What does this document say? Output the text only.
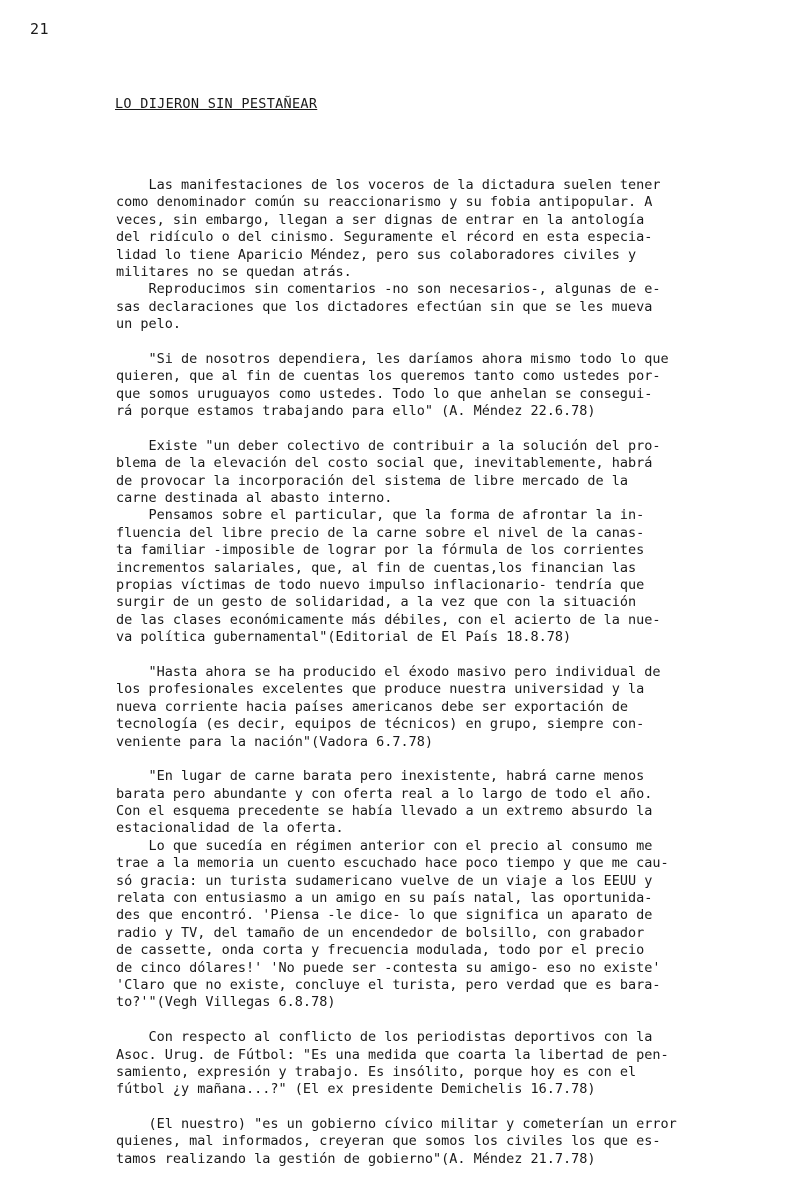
21
LO DIJERON SIN PESTAÑEAR
Las manifestaciones de los voceros de la dictadura suelen tener
como denominador común su reaccionarismo y su fobia antipopular. A
veces, sin embargo, llegan a ser dignas de entrar en la antología
del ridículo o del cinismo. Seguramente el récord en esta especia-
lidad lo tiene Aparicio Méndez, pero sus colaboradores civiles y
militares no se quedan atrás.
Reproducimos sin comentarios -no son necesarios-, algunas de e-
sas declaraciones que los dictadores efectúan sin que se les mueva
un pelo.
"Si de nosotros dependiera, les daríamos ahora mismo todo lo que
quieren, que al fin de cuentas los queremos tanto como ustedes por-
que somos uruguayos como ustedes. Todo lo que anhelan se consegui-
rá porque estamos trabajando para ello" (A. Méndez 22.6.78)
Existe "un deber colectivo de contribuir a la solución del pro-
blema de la elevación del costo social que, inevitablemente, habrá
de provocar la incorporación del sistema de libre mercado de la
carne destinada al abasto interno.
Pensamos sobre el particular, que la forma de afrontar la in-
fluencia del libre precio de la carne sobre el nivel de la canas-
ta familiar -imposible de lograr por la fórmula de los corrientes
incrementos salariales, que, al fin de cuentas,los financian las
propias víctimas de todo nuevo impulso inflacionario- tendría que
surgir de un gesto de solidaridad, a la vez que con la situación
de las clases económicamente más débiles, con el acierto de la nue-
va política gubernamental"(Editorial de El País 18.8.78)
"Hasta ahora se ha producido el éxodo masivo pero individual de
los profesionales excelentes que produce nuestra universidad y la
nueva corriente hacia países americanos debe ser exportación de
tecnología (es decir, equipos de técnicos) en grupo, siempre con-
veniente para la nación"(Vadora 6.7.78)
"En lugar de carne barata pero inexistente, habrá carne menos
barata pero abundante y con oferta real a lo largo de todo el año.
Con el esquema precedente se había llevado a un extremo absurdo la
estacionalidad de la oferta.
Lo que sucedía en régimen anterior con el precio al consumo me
trae a la memoria un cuento escuchado hace poco tiempo y que me cau-
só gracia: un turista sudamericano vuelve de un viaje a los EEUU y
relata con entusiasmo a un amigo en su país natal, las oportunida-
des que encontró. 'Piensa -le dice- lo que significa un aparato de
radio y TV, del tamaño de un encendedor de bolsillo, con grabador
de cassette, onda corta y frecuencia modulada, todo por el precio
de cinco dólares!' 'No puede ser -contesta su amigo- eso no existe'
'Claro que no existe, concluye el turista, pero verdad que es bara-
to?'"(Vegh Villegas 6.8.78)
Con respecto al conflicto de los periodistas deportivos con la
Asoc. Urug. de Fútbol: "Es una medida que coarta la libertad de pen-
samiento, expresión y trabajo. Es insólito, porque hoy es con el
fútbol ¿y mañana...?" (El ex presidente Demichelis 16.7.78)
(El nuestro) "es un gobierno cívico militar y cometerían un error
quienes, mal informados, creyeran que somos los civiles los que es-
tamos realizando la gestión de gobierno"(A. Méndez 21.7.78)
